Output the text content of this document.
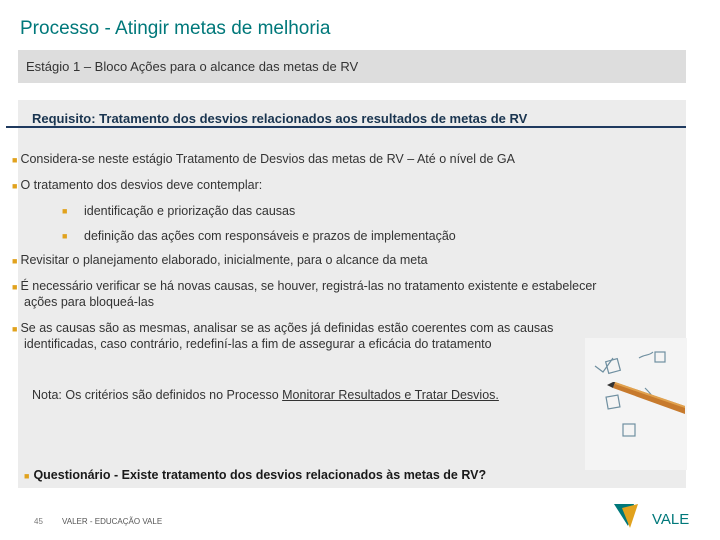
Processo - Atingir metas de melhoria
Estágio 1 – Bloco Ações para o alcance das metas de RV
Requisito: Tratamento dos desvios relacionados aos resultados de metas de RV
■ Considera-se neste estágio Tratamento de Desvios das metas de RV – Até o nível de GA
■ O tratamento dos desvios deve contemplar:
■ identificação e priorização das causas
■ definição das ações com responsáveis e prazos de implementação
■ Revisitar o planejamento elaborado, inicialmente, para o alcance da meta
■ É necessário verificar se há novas causas, se houver, registrá-las no tratamento existente e estabelecer
ações para bloqueá-las
■ Se as causas são as mesmas, analisar se as ações já definidas estão coerentes com as causas
identificadas, caso contrário, redefiní-las a fim de assegurar a eficácia do tratamento
Nota: Os critérios são definidos no Processo Monitorar Resultados e Tratar Desvios.
■ Questionário - Existe tratamento dos desvios relacionados às metas de RV?
45 VALER - EDUCAÇÃO VALE	VALE
